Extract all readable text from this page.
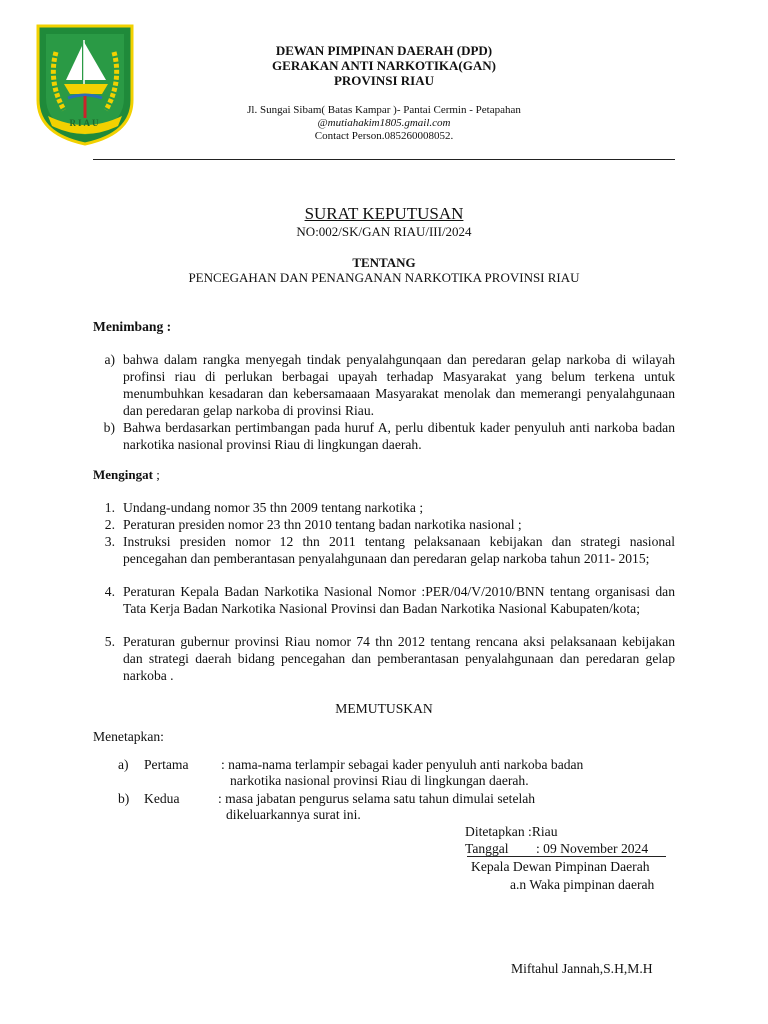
RIAU
DEWAN PIMPINAN DAERAH (DPD)
GERAKAN ANTI NARKOTIKA(GAN)
PROVINSI RIAU
Jl. Sungai Sibam( Batas Kampar )- Pantai Cermin - Petapahan
@mutiahakim1805.gmail.com
Contact Person.085260008052.
SURAT KEPUTUSAN
NO:002/SK/GAN RIAU/III/2024
TENTANG
PENCEGAHAN DAN PENANGANAN NARKOTIKA PROVINSI RIAU
Menimbang :
a) bahwa dalam rangka menyegah tindak penyalahgunqaan dan peredaran gelap narkoba di wilayah profinsi riau di perlukan berbagai upayah terhadap Masyarakat yang belum terkena untuk menumbuhkan kesadaran dan kebersamaaan Masyarakat menolak dan memerangi penyalahgunaan dan peredaran gelap narkoba di provinsi Riau.
b) Bahwa berdasarkan pertimbangan pada huruf A, perlu dibentuk kader penyuluh anti narkoba badan narkotika nasional provinsi Riau di lingkungan daerah.
Mengingat ;
1. Undang-undang nomor 35 thn 2009 tentang narkotika ;
2. Peraturan presiden nomor 23 thn 2010 tentang badan narkotika nasional ;
3. Instruksi presiden nomor 12 thn 2011 tentang pelaksanaan kebijakan dan strategi nasional pencegahan dan pemberantasan penyalahgunaan dan peredaran gelap narkoba tahun 2011- 2015;
4. Peraturan Kepala Badan Narkotika Nasional Nomor :PER/04/V/2010/BNN tentang organisasi dan Tata Kerja Badan Narkotika Nasional Provinsi dan Badan Narkotika Nasional Kabupaten/kota;
5. Peraturan gubernur provinsi Riau nomor 74 thn 2012 tentang rencana aksi pelaksanaan kebijakan dan strategi daerah bidang pencegahan dan pemberantasan penyalahgunaan dan peredaran gelap narkoba .
MEMUTUSKAN
Menetapkan:
a) Pertama : nama-nama terlampir sebagai kader penyuluh anti narkoba badan
narkotika nasional provinsi Riau di lingkungan daerah.
b) Kedua	: masa jabatan pengurus selama satu tahun dimulai setelah
dikeluarkannya surat ini.
Ditetapkan :Riau
Tanggal : 09 November 2024
Kepala Dewan Pimpinan Daerah
a.n Waka pimpinan daerah
Miftahul Jannah,S.H,M.H
